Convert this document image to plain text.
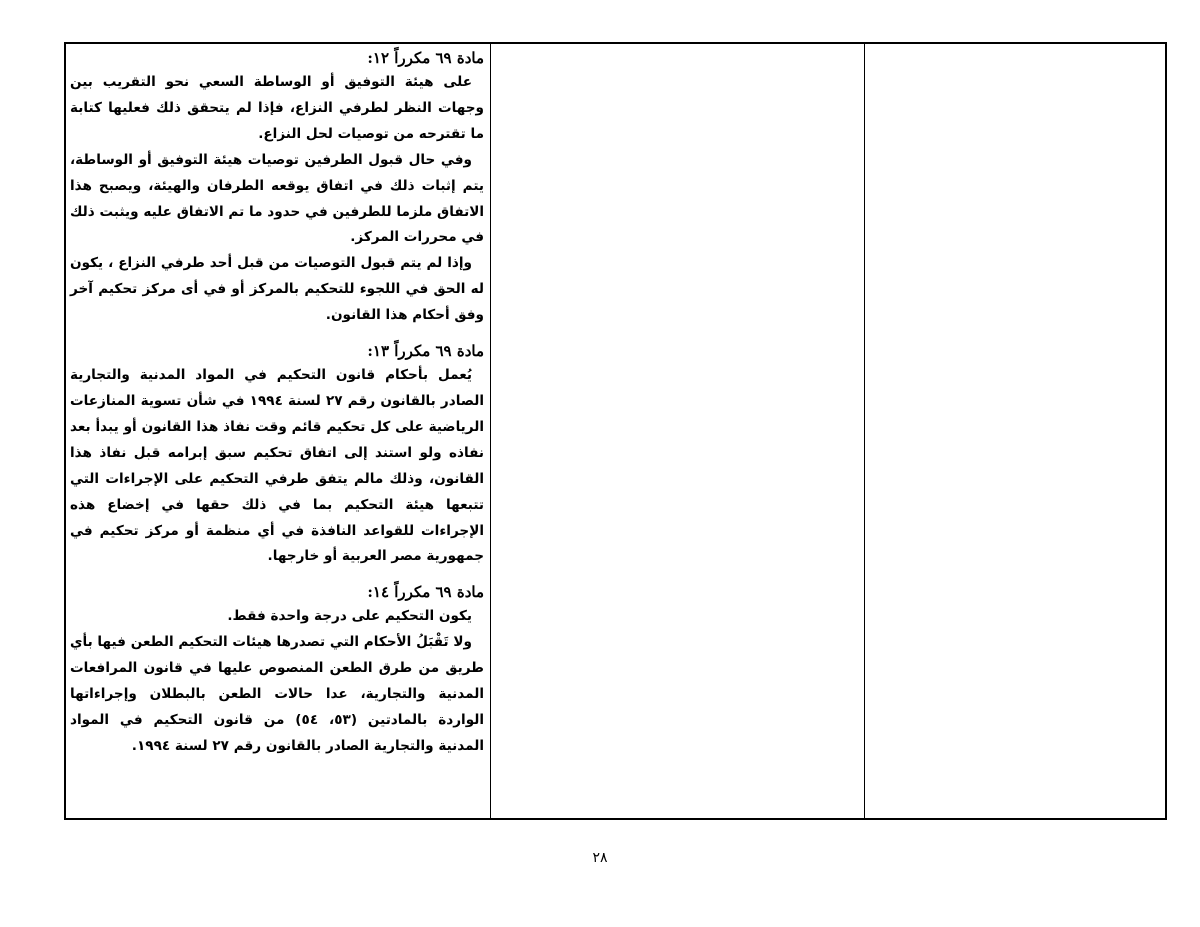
مادة ٦٩ مكرراً ١٢:
على هيئة التوفيق أو الوساطة السعي نحو التقريب بين وجهات النظر لطرفي النزاع، فإذا لم يتحقق ذلك فعليها كتابة ما تقترحه من توصيات لحل النزاع.
وفي حال قبول الطرفين توصيات هيئة التوفيق أو الوساطة، يتم إثبات ذلك في اتفاق يوقعه الطرفان والهيئة، ويصبح هذا الاتفاق ملزما للطرفين في حدود ما تم الاتفاق عليه ويثبت ذلك في محررات المركز.
وإذا لم يتم قبول التوصيات من قبل أحد طرفي النزاع ، يكون له الحق في اللجوء للتحكيم بالمركز أو في أى مركز تحكيم آخر وفق أحكام هذا القانون.
مادة ٦٩ مكرراً ١٣:
يُعمل بأحكام قانون التحكيم في المواد المدنية والتجارية الصادر بالقانون رقم ٢٧ لسنة ١٩٩٤ في شأن تسوية المنازعات الرياضية على كل تحكيم قائم وقت نفاذ هذا القانون أو يبدأ بعد نفاذه ولو استند إلى اتفاق تحكيم سبق إبرامه قبل نفاذ هذا القانون، وذلك مالم يتفق طرفي التحكيم على الإجراءات التي تتبعها هيئة التحكيم بما في ذلك حقها في إخضاع هذه الإجراءات للقواعد النافذة في أي منظمة أو مركز تحكيم في جمهورية مصر العربية أو خارجها.
مادة ٦٩ مكرراً ١٤:
يكون التحكيم على درجة واحدة فقط.
ولا تَقْبَلُ الأحكام التي تصدرها هيئات التحكيم الطعن فيها بأي طريق من طرق الطعن المنصوص عليها في قانون المرافعات المدنية والتجارية، عدا حالات الطعن بالبطلان وإجراءاتها الواردة بالمادتين (٥٣، ٥٤) من قانون التحكيم في المواد المدنية والتجارية الصادر بالقانون رقم ٢٧ لسنة ١٩٩٤.

٢٨
